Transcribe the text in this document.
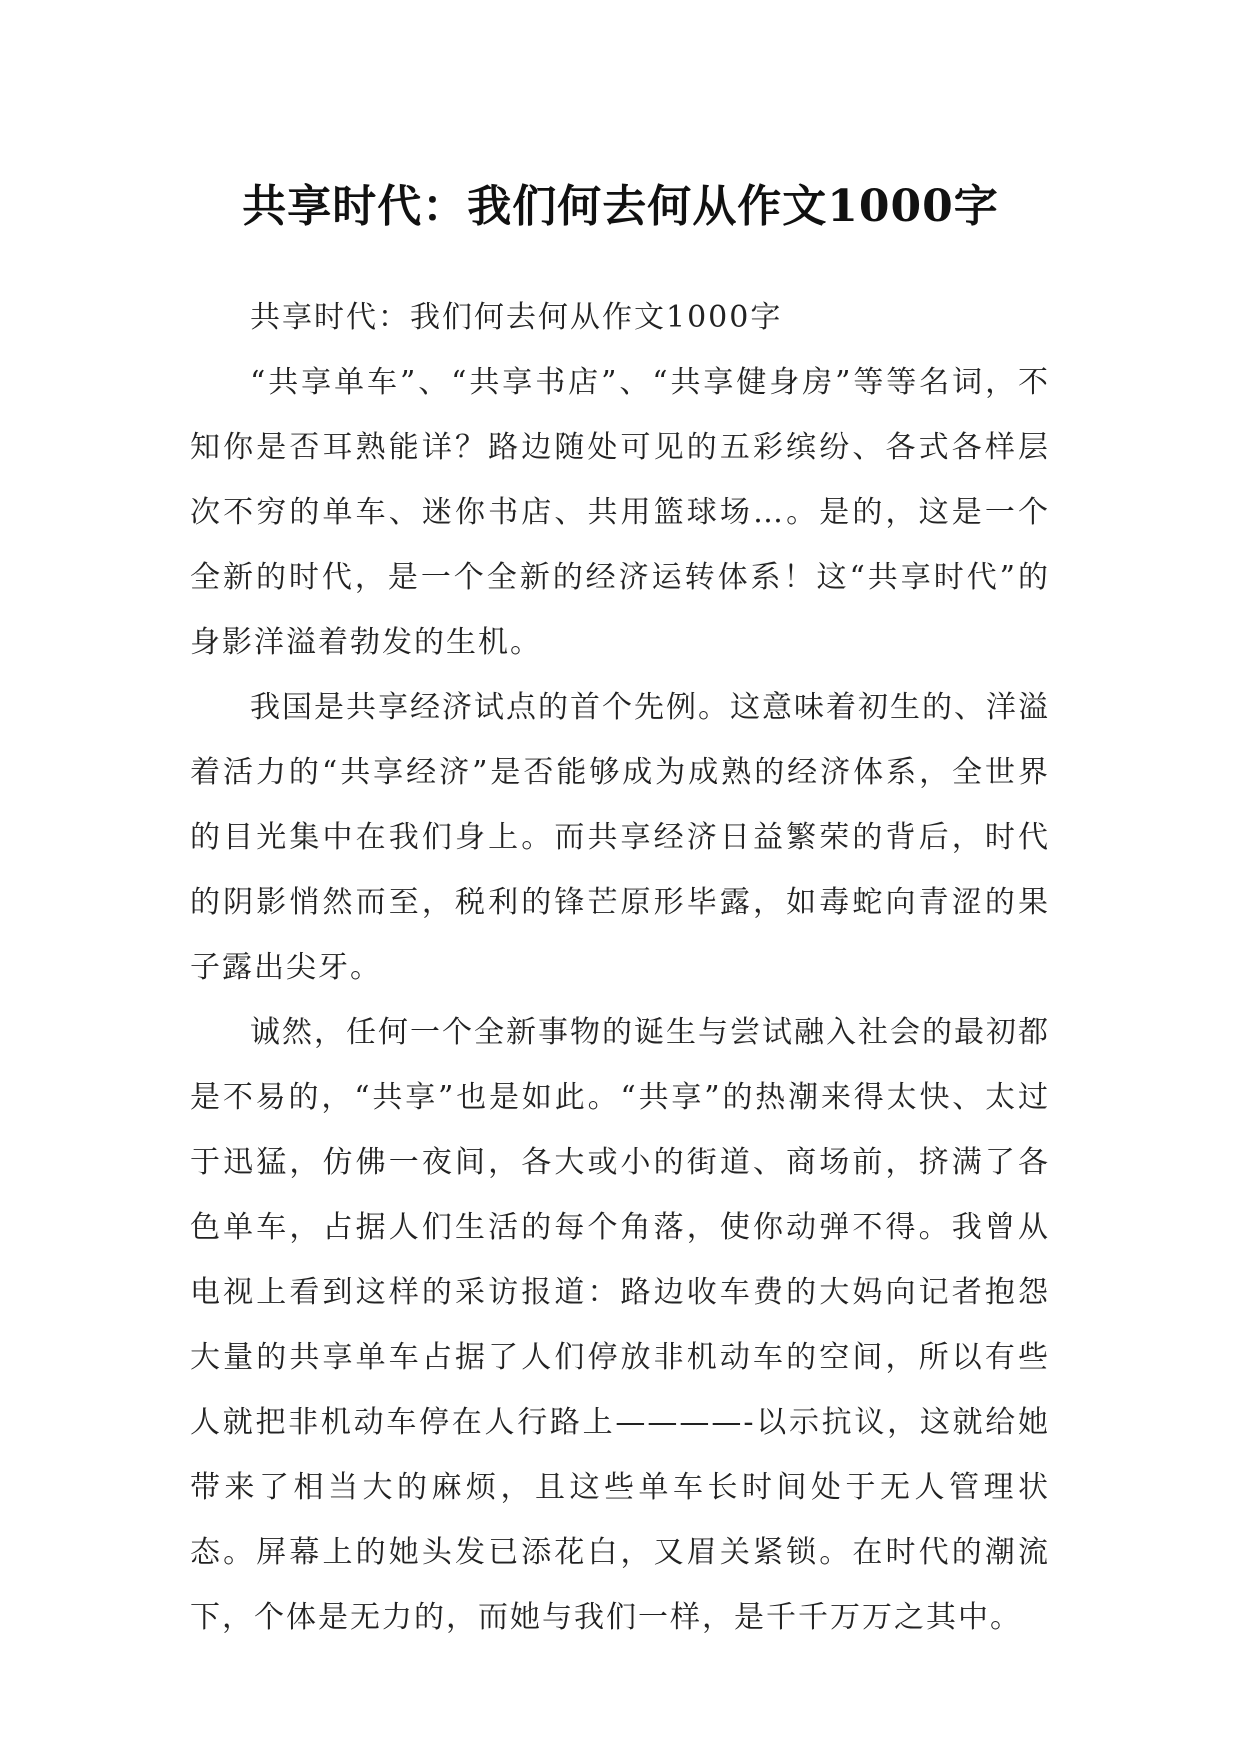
共享时代：我们何去何从作文1000字

共享时代：我们何去何从作文1000字

“共享单车”、“共享书店”、“共享健身房”等等名词，不知你是否耳熟能详？路边随处可见的五彩缤纷、各式各样层次不穷的单车、迷你书店、共用篮球场…。是的，这是一个全新的时代，是一个全新的经济运转体系！这“共享时代”的身影洋溢着勃发的生机。

我国是共享经济试点的首个先例。这意味着初生的、洋溢着活力的“共享经济”是否能够成为成熟的经济体系，全世界的目光集中在我们身上。而共享经济日益繁荣的背后，时代的阴影悄然而至，税利的锋芒原形毕露，如毒蛇向青涩的果子露出尖牙。

诚然，任何一个全新事物的诞生与尝试融入社会的最初都是不易的，“共享”也是如此。“共享”的热潮来得太快、太过于迅猛，仿佛一夜间，各大或小的街道、商场前，挤满了各色单车，占据人们生活的每个角落，使你动弹不得。我曾从电视上看到这样的采访报道：路边收车费的大妈向记者抱怨大量的共享单车占据了人们停放非机动车的空间，所以有些人就把非机动车停在人行路上————-以示抗议，这就给她带来了相当大的麻烦，且这些单车长时间处于无人管理状态。屏幕上的她头发已添花白，又眉关紧锁。在时代的潮流下，个体是无力的，而她与我们一样，是千千万万之其中。
